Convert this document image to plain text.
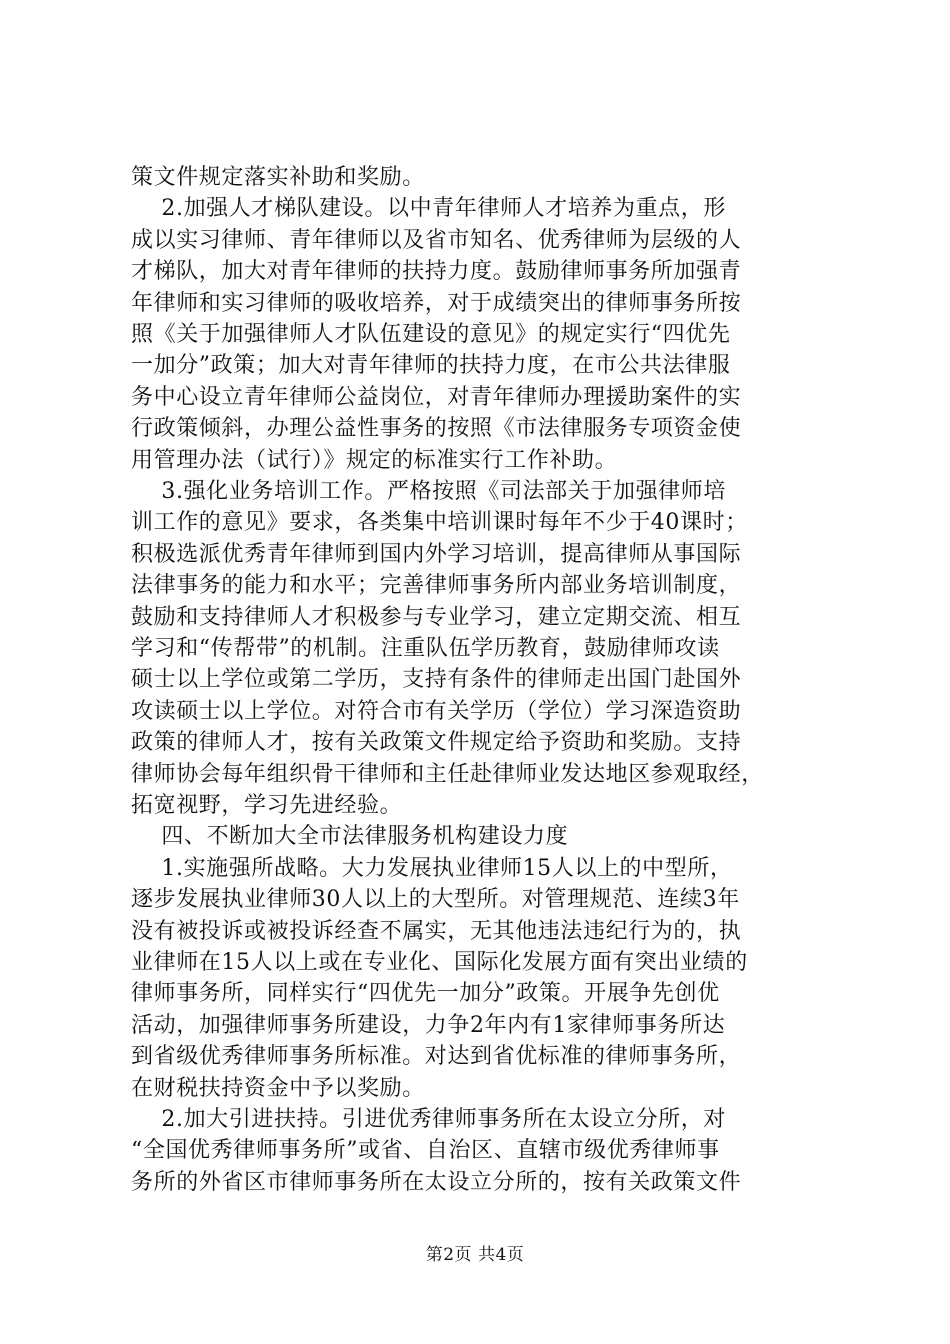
策文件规定落实补助和奖励。
2.加强人才梯队建设。以中青年律师人才培养为重点，形
成以实习律师、青年律师以及省市知名、优秀律师为层级的人
才梯队，加大对青年律师的扶持力度。鼓励律师事务所加强青
年律师和实习律师的吸收培养，对于成绩突出的律师事务所按
照《关于加强律师人才队伍建设的意见》的规定实行“四优先
一加分”政策；加大对青年律师的扶持力度，在市公共法律服
务中心设立青年律师公益岗位，对青年律师办理援助案件的实
行政策倾斜，办理公益性事务的按照《市法律服务专项资金使
用管理办法（试行）》规定的标准实行工作补助。
3.强化业务培训工作。严格按照《司法部关于加强律师培
训工作的意见》要求，各类集中培训课时每年不少于40课时；
积极选派优秀青年律师到国内外学习培训，提高律师从事国际
法律事务的能力和水平；完善律师事务所内部业务培训制度，
鼓励和支持律师人才积极参与专业学习，建立定期交流、相互
学习和“传帮带”的机制。注重队伍学历教育，鼓励律师攻读
硕士以上学位或第二学历，支持有条件的律师走出国门赴国外
攻读硕士以上学位。对符合市有关学历（学位）学习深造资助
政策的律师人才，按有关政策文件规定给予资助和奖励。支持
律师协会每年组织骨干律师和主任赴律师业发达地区参观取经，
拓宽视野，学习先进经验。
四、不断加大全市法律服务机构建设力度
1.实施强所战略。大力发展执业律师15人以上的中型所，
逐步发展执业律师30人以上的大型所。对管理规范、连续3年
没有被投诉或被投诉经查不属实，无其他违法违纪行为的，执
业律师在15人以上或在专业化、国际化发展方面有突出业绩的
律师事务所，同样实行“四优先一加分”政策。开展争先创优
活动，加强律师事务所建设，力争2年内有1家律师事务所达
到省级优秀律师事务所标准。对达到省优标准的律师事务所，
在财税扶持资金中予以奖励。
2.加大引进扶持。引进优秀律师事务所在太设立分所，对
“全国优秀律师事务所”或省、自治区、直辖市级优秀律师事
务所的外省区市律师事务所在太设立分所的，按有关政策文件
第2页 共4页
